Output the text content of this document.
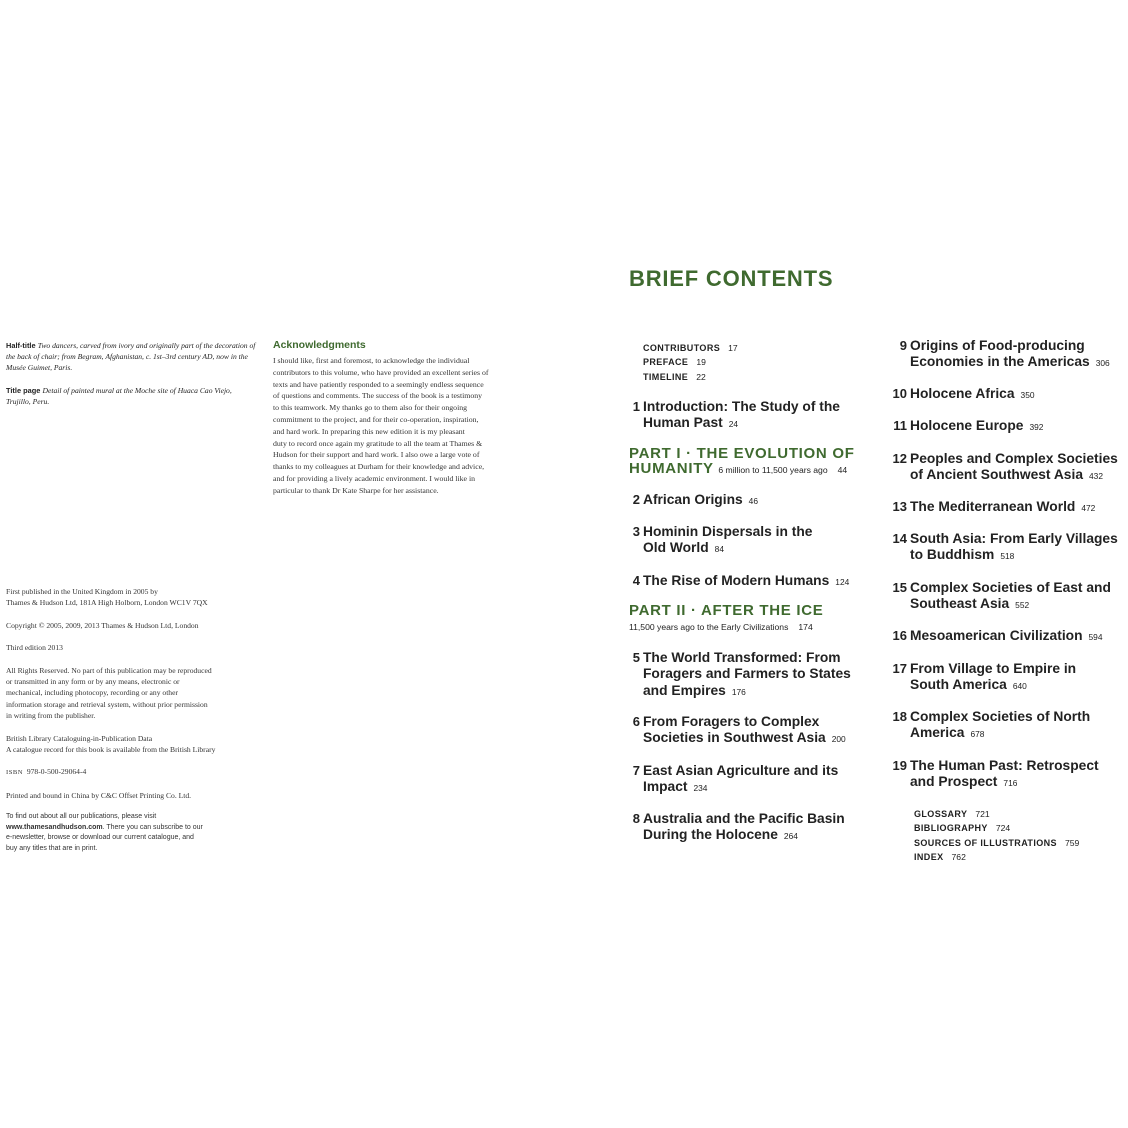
Half-title Two dancers, carved from ivory and originally part of the decoration of the back of chair; from Begram, Afghanistan, c. 1st–3rd century AD, now in the Musée Guimet, Paris.

Title page Detail of painted mural at the Moche site of Huaca Cao Viejo, Trujillo, Peru.

Acknowledgments
I should like, first and foremost, to acknowledge the individual
contributors to this volume, who have provided an excellent series of
texts and have patiently responded to a seemingly endless sequence
of questions and comments. The success of the book is a testimony
to this teamwork. My thanks go to them also for their ongoing
commitment to the project, and for their co-operation, inspiration,
and hard work. In preparing this new edition it is my pleasant
duty to record once again my gratitude to all the team at Thames &
Hudson for their support and hard work. I also owe a large vote of
thanks to my colleagues at Durham for their knowledge and advice,
and for providing a lively academic environment. I would like in
particular to thank Dr Kate Sharpe for her assistance.

First published in the United Kingdom in 2005 by
Thames & Hudson Ltd, 181A High Holborn, London WC1V 7QX

Copyright © 2005, 2009, 2013 Thames & Hudson Ltd, London

Third edition 2013

All Rights Reserved. No part of this publication may be reproduced
or transmitted in any form or by any means, electronic or
mechanical, including photocopy, recording or any other
information storage and retrieval system, without prior permission
in writing from the publisher.

British Library Cataloguing-in-Publication Data
A catalogue record for this book is available from the British Library

ISBN 978-0-500-29064-4

Printed and bound in China by C&C Offset Printing Co. Ltd.

To find out about all our publications, please visit
www.thamesandhudson.com. There you can subscribe to our
e-newsletter, browse or download our current catalogue, and
buy any titles that are in print.

BRIEF CONTENTS
CONTRIBUTORS 17
PREFACE 19
TIMELINE 22
PART I · THE EVOLUTION OF
HUMANITY 6 million to 11,500 years ago 44
PART II · AFTER THE ICE
11,500 years ago to the Early Civilizations 174
1 Introduction: The Study of the
Human Past 24
2 African Origins 46
3 Hominin Dispersals in the
Old World 84
4 The Rise of Modern Humans 124
5 The World Transformed: From
Foragers and Farmers to States
and Empires 176
6 From Foragers to Complex
Societies in Southwest Asia 200
7 East Asian Agriculture and its
Impact 234
8 Australia and the Pacific Basin
During the Holocene 264
9 Origins of Food-producing
Economies in the Americas 306
10 Holocene Africa 350
11 Holocene Europe 392
12 Peoples and Complex Societies
of Ancient Southwest Asia 432
13 The Mediterranean World 472
14 South Asia: From Early Villages
to Buddhism 518
15 Complex Societies of East and
Southeast Asia 552
16 Mesoamerican Civilization 594
17 From Village to Empire in
South America 640
18 Complex Societies of North
America 678
19 The Human Past: Retrospect
and Prospect 716
GLOSSARY 721
BIBLIOGRAPHY 724
SOURCES OF ILLUSTRATIONS 759
INDEX 762
